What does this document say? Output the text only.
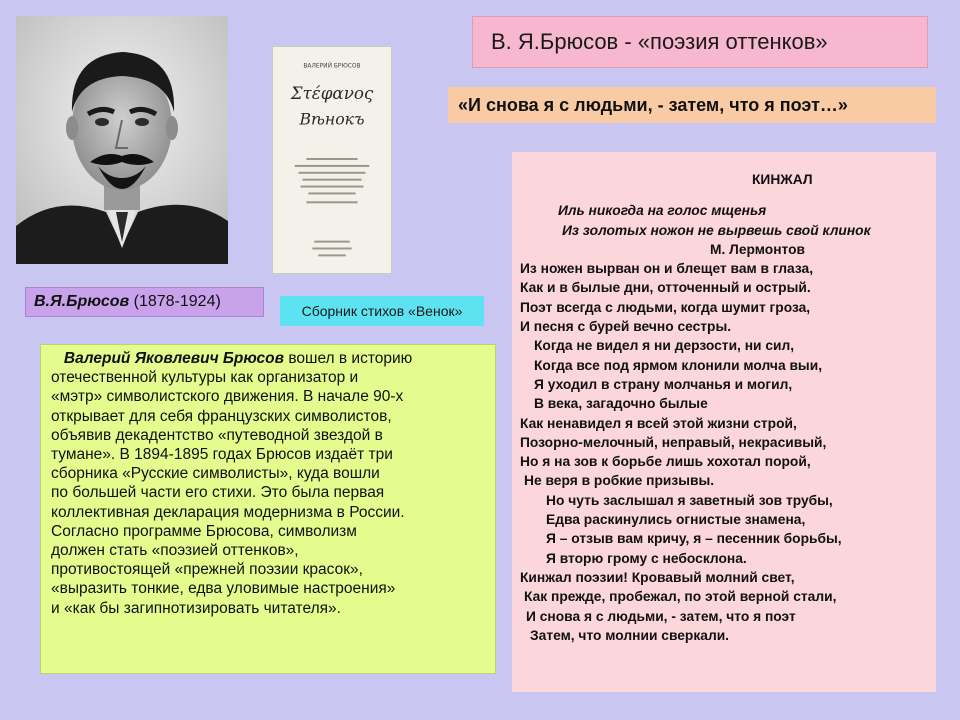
ВАЛЕРИЙ БРЮСОВ
Στέφανος
Вѣнокъ
В. Я.Брюсов - «поэзия оттенков»
«И снова я с людьми, - затем, что я поэт…»
В.Я.Брюсов
(1878-1924)
Сборник стихов «Венок»
Валерий Яковлевич Брюсов вошел в историю
отечественной культуры как организатор и
«мэтр» символистского движения. В начале 90-х
открывает для себя французских символистов,
объявив декадентство «путеводной звездой в
тумане». В 1894-1895 годах Брюсов издаёт три
сборника «Русские символисты», куда вошли
по большей части его стихи. Это была первая
коллективная декларация модернизма в России.
Согласно программе Брюсова, символизм
должен стать «поэзией оттенков»,
противостоящей «прежней поэзии красок»,
«выразить тонкие, едва уловимые настроения»
и «как бы загипнотизировать читателя».
КИНЖАЛ
Иль никогда на голос мщенья
Из золотых ножон не вырвешь свой клинок
М. Лермонтов
Из ножен вырван он и блещет вам в глаза,
Как и в былые дни, отточенный и острый.
Поэт всегда с людьми, когда шумит гроза,
И песня с бурей вечно сестры.
Когда не видел я ни дерзости, ни сил,
Когда все под ярмом клонили молча выи,
Я уходил в страну молчанья и могил,
В века, загадочно былые
Как ненавидел я всей этой жизни строй,
Позорно-мелочный, неправый, некрасивый,
Но я на зов к борьбе лишь хохотал порой,
Не веря в робкие призывы.
Но чуть заслышал я заветный зов трубы,
Едва раскинулись огнистые знамена,
Я – отзыв вам кричу, я – песенник борьбы,
Я вторю грому с небосклона.
Кинжал поэзии! Кровавый молний свет,
Как прежде, пробежал, по этой верной стали,
И снова я с людьми, - затем, что я поэт
Затем, что молнии сверкали.
